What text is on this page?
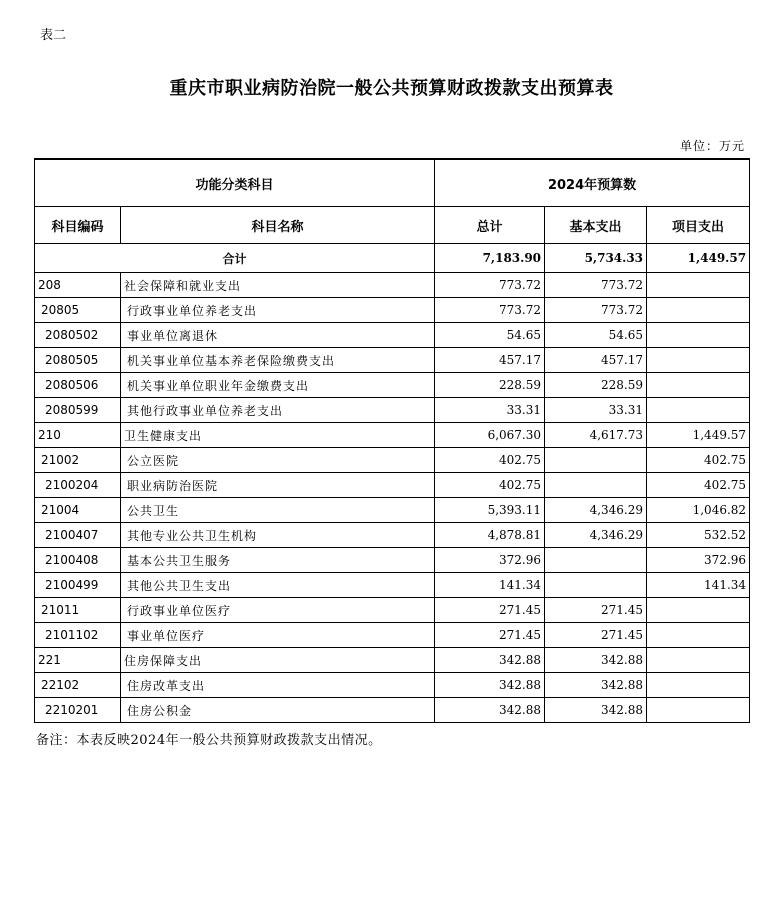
表二
重庆市职业病防治院一般公共预算财政拨款支出预算表
单位：万元
功能分类科目		2024年预算数		
科目编码	科目名称	总计	基本支出	项目支出
合计		7,183.90	5,734.33	1,449.57
208	社会保障和就业支出	773.72	773.72	
20805	行政事业单位养老支出	773.72	773.72	
2080502	事业单位离退休	54.65	54.65	
2080505	机关事业单位基本养老保险缴费支出	457.17	457.17	
2080506	机关事业单位职业年金缴费支出	228.59	228.59	
2080599	其他行政事业单位养老支出	33.31	33.31	
210	卫生健康支出	6,067.30	4,617.73	1,449.57
21002	公立医院	402.75		402.75
2100204	职业病防治医院	402.75		402.75
21004	公共卫生	5,393.11	4,346.29	1,046.82
2100407	其他专业公共卫生机构	4,878.81	4,346.29	532.52
2100408	基本公共卫生服务	372.96		372.96
2100499	其他公共卫生支出	141.34		141.34
21011	行政事业单位医疗	271.45	271.45	
2101102	事业单位医疗	271.45	271.45	
221	住房保障支出	342.88	342.88	
22102	住房改革支出	342.88	342.88	
2210201	住房公积金	342.88	342.88	
备注：本表反映2024年一般公共预算财政拨款支出情况。
